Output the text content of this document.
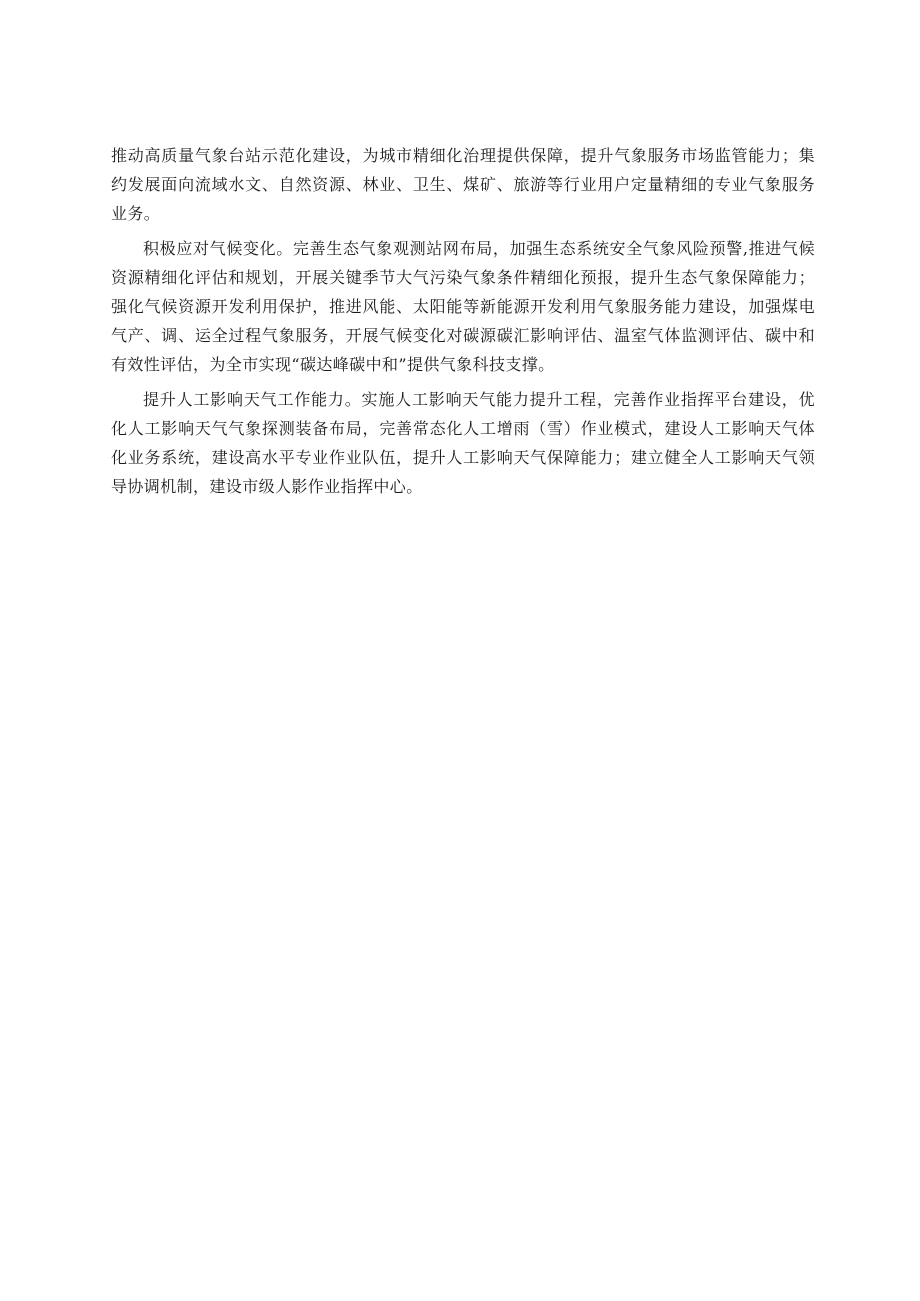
推动高质量气象台站示范化建设，为城市精细化治理提供保障，提升气象服务市场监管能力；集约发展面向流域水文、自然资源、林业、卫生、煤矿、旅游等行业用户定量精细的专业气象服务业务。

积极应对气候变化。完善生态气象观测站网布局，加强生态系统安全气象风险预警,推进气候资源精细化评估和规划，开展关键季节大气污染气象条件精细化预报，提升生态气象保障能力；强化气候资源开发利用保护，推进风能、太阳能等新能源开发利用气象服务能力建设，加强煤电气产、调、运全过程气象服务，开展气候变化对碳源碳汇影响评估、温室气体监测评估、碳中和有效性评估，为全市实现“碳达峰碳中和”提供气象科技支撑。

提升人工影响天气工作能力。实施人工影响天气能力提升工程，完善作业指挥平台建设，优化人工影响天气气象探测装备布局，完善常态化人工增雨（雪）作业模式，建设人工影响天气体化业务系统，建设高水平专业作业队伍，提升人工影响天气保障能力；建立健全人工影响天气领导协调机制，建设市级人影作业指挥中心。
